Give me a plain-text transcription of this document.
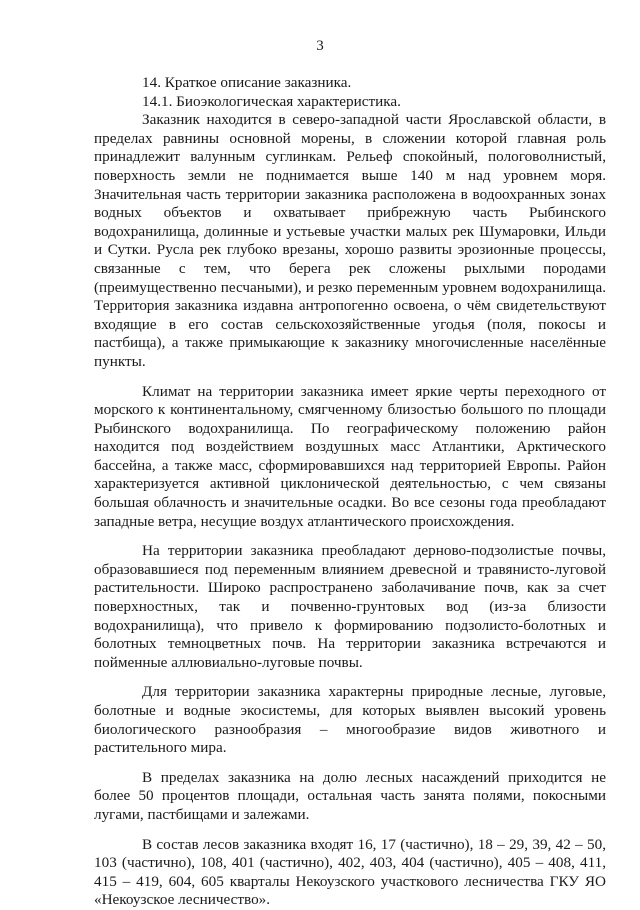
3

14. Краткое описание заказника.

14.1. Биоэкологическая характеристика.

Заказник находится в северо-западной части Ярославской области, в пределах равнины основной морены, в сложении которой главная роль принадлежит валунным суглинкам. Рельеф спокойный, пологоволнистый, поверхность земли не поднимается выше 140 м над уровнем моря. Значительная часть территории заказника расположена в водоохранных зонах водных объектов и охватывает прибрежную часть Рыбинского водохранилища, долинные и устьевые участки малых рек Шумаровки, Ильди и Сутки. Русла рек глубоко врезаны, хорошо развиты эрозионные процессы, связанные с тем, что берега рек сложены рыхлыми породами (преимущественно песчаными), и резко переменным уровнем водохранилища. Территория заказника издавна антропогенно освоена, о чём свидетельствуют входящие в его состав сельскохозяйственные угодья (поля, покосы и пастбища), а также примыкающие к заказнику многочисленные населённые пункты.

Климат на территории заказника имеет яркие черты переходного от морского к континентальному, смягченному близостью большого по площади Рыбинского водохранилища. По географическому положению район находится под воздействием воздушных масс Атлантики, Арктического бассейна, а также масс, сформировавшихся над территорией Европы. Район характеризуется активной циклонической деятельностью, с чем связаны большая облачность и значительные осадки. Во все сезоны года преобладают западные ветра, несущие воздух атлантического происхождения.

На территории заказника преобладают дерново-подзолистые почвы, образовавшиеся под переменным влиянием древесной и травянисто-луговой растительности. Широко распространено заболачивание почв, как за счет поверхностных, так и почвенно-грунтовых вод (из-за близости водохранилища), что привело к формированию подзолисто-болотных и болотных темноцветных почв. На территории заказника встречаются и пойменные аллювиально-луговые почвы.

Для территории заказника характерны природные лесные, луговые, болотные и водные экосистемы, для которых выявлен высокий уровень биологического разнообразия – многообразие видов животного и растительного мира.

В пределах заказника на долю лесных насаждений приходится не более 50 процентов площади, остальная часть занята полями, покосными лугами, пастбищами и залежами.

В состав лесов заказника входят 16, 17 (частично), 18 – 29, 39, 42 – 50, 103 (частично), 108, 401 (частично), 402, 403, 404 (частично), 405 – 408, 411, 415 – 419, 604, 605 кварталы Некоузского участкового лесничества ГКУ ЯО «Некоузское лесничество».
